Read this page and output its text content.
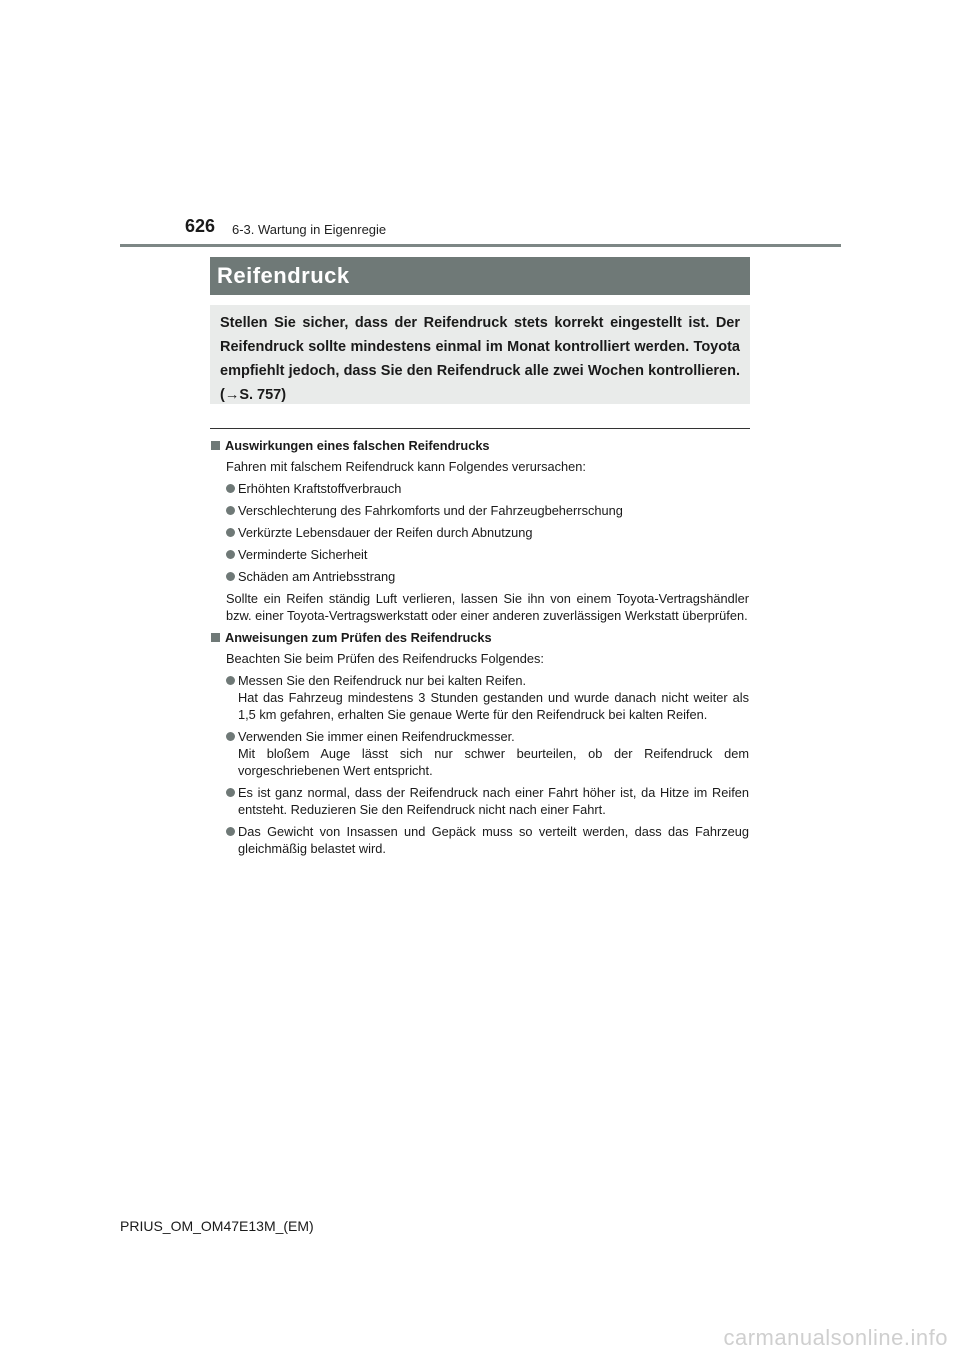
626 6-3. Wartung in Eigenregie
Reifendruck

Stellen Sie sicher, dass der Reifendruck stets korrekt eingestellt ist. Der Reifendruck sollte mindestens einmal im Monat kontrolliert werden. Toyota empfiehlt jedoch, dass Sie den Reifendruck alle zwei Wochen kontrollieren. (→S. 757)

Auswirkungen eines falschen Reifendrucks

Fahren mit falschem Reifendruck kann Folgendes verursachen:

Erhöhten Kraftstoffverbrauch
Verschlechterung des Fahrkomforts und der Fahrzeugbeherrschung
Verkürzte Lebensdauer der Reifen durch Abnutzung
Verminderte Sicherheit
Schäden am Antriebsstrang

Sollte ein Reifen ständig Luft verlieren, lassen Sie ihn von einem Toyota-Vertragshändler bzw. einer Toyota-Vertragswerkstatt oder einer anderen zuverlässigen Werkstatt überprüfen.

Anweisungen zum Prüfen des Reifendrucks

Beachten Sie beim Prüfen des Reifendrucks Folgendes:

Messen Sie den Reifendruck nur bei kalten Reifen.
Hat das Fahrzeug mindestens 3 Stunden gestanden und wurde danach nicht weiter als 1,5 km gefahren, erhalten Sie genaue Werte für den Reifendruck bei kalten Reifen.
Verwenden Sie immer einen Reifendruckmesser.
Mit bloßem Auge lässt sich nur schwer beurteilen, ob der Reifendruck dem vorgeschriebenen Wert entspricht.
Es ist ganz normal, dass der Reifendruck nach einer Fahrt höher ist, da Hitze im Reifen entsteht. Reduzieren Sie den Reifendruck nicht nach einer Fahrt.
Das Gewicht von Insassen und Gepäck muss so verteilt werden, dass das Fahrzeug gleichmäßig belastet wird.
PRIUS_OM_OM47E13M_(EM)
carmanualsonline.info
